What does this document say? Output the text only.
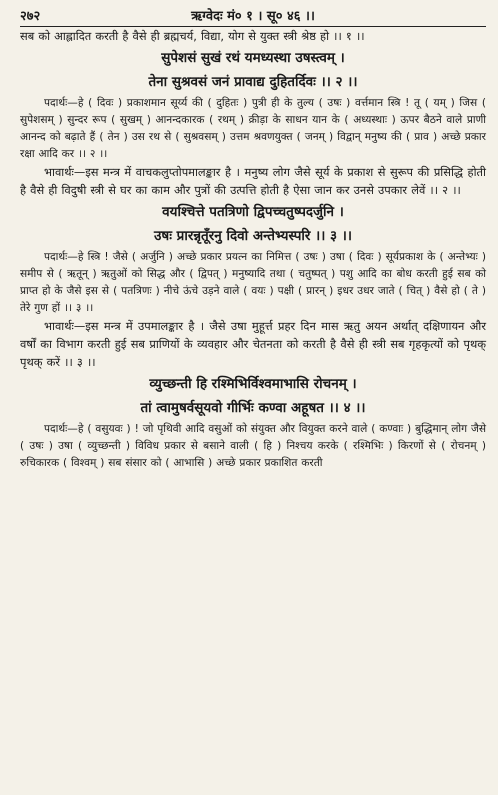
२७२	ऋग्वेदः मं० १ । सू० ४६ ।।

सब को आह्लादित करती है वैसे ही ब्रह्मचर्य, विद्या, योग से युक्त स्त्री श्रेष्ठ हो ।। १ ।।

सुपेशसं सुखं रथं यमध्यस्था उषस्त्वम् ।

तेना सुश्रवसं जनं प्रावाद्य दुहितर्दिवः ।। २ ।।

पदार्थः—हे ( दिवः ) प्रकाशमान सूर्य्य की ( दुहितः ) पुत्री ही के तुल्य ( उषः ) वर्त्तमान स्त्रि ! तू ( यम् ) जिस ( सुपेशसम् ) सुन्दर रूप ( सुखम् ) आनन्दकारक ( रथम् ) क्रीड़ा के साधन यान के ( अध्यस्थाः ) ऊपर बैठने वाले प्राणी आनन्द को बढ़ाते हैं ( तेन ) उस रथ से ( सुश्रवसम् ) उत्तम श्रवणयुक्त ( जनम् ) विद्वान् मनुष्य की ( प्राव ) अच्छे प्रकार रक्षा आदि कर ।। २ ।।

भावार्थः—इस मन्त्र में वाचकलुप्तोपमालङ्कार है । मनुष्य लोग जैसे सूर्य के प्रकाश से सुरूप की प्रसिद्धि होती है वैसे ही विदुषी स्त्री से घर का काम और पुत्रों की उत्पत्ति होती है ऐसा जान कर उनसे उपकार लेवें ।। २ ।।

वयश्चित्ते पतत्रिणो द्विपच्चतुष्पदर्जुनि ।

उषः प्रारन्नृतूँरनु दिवो अन्तेभ्यस्परि ।। ३ ।।

पदार्थः—हे स्त्रि ! जैसे ( अर्जुनि ) अच्छे प्रकार प्रयत्न का निमित्त ( उषः ) उषा ( दिवः ) सूर्यप्रकाश के ( अन्तेभ्यः ) समीप से ( ऋतून् ) ऋतुओं को सिद्ध और ( द्विपत् ) मनुष्यादि तथा ( चतुष्पत् ) पशु आदि का बोध करती हुई सब को प्राप्त हो के जैसे इस से ( पतत्रिणः ) नीचे ऊंचे उड़ने वाले ( वयः ) पक्षी ( प्रारन् ) इधर उधर जाते ( चित् ) वैसे हो ( ते ) तेरे गुण हों ।। ३ ।।

भावार्थः—इस मन्त्र में उपमालङ्कार है । जैसे उषा मुहूर्त्त प्रहर दिन मास ऋतु अयन अर्थात् दक्षिणायन और वर्षों का विभाग करती हुई सब प्राणियों के व्यवहार और चेतनता को करती है वैसे ही स्त्री सब गृहकृत्यों को पृथक् पृथक् करें ।। ३ ।।

व्युच्छन्ती हि रश्मिभिर्विश्वमाभासि रोचनम् ।

तां त्वामुषर्वसूयवो गीर्भिः कण्वा अहूषत ।। ४ ।।

पदार्थः—हे ( वसुयवः ) ! जो पृथिवी आदि वसुओं को संयुक्त और वियुक्त करने वाले ( कण्वाः ) बुद्धिमान् लोग जैसे ( उषः ) उषा ( व्युच्छन्ती ) विविध प्रकार से बसाने वाली ( हि ) निश्चय करके ( रश्मिभिः ) किरणों से ( रोचनम् ) रुचिकारक ( विश्वम् ) सब संसार को ( आभासि ) अच्छे प्रकार प्रकाशित करती
